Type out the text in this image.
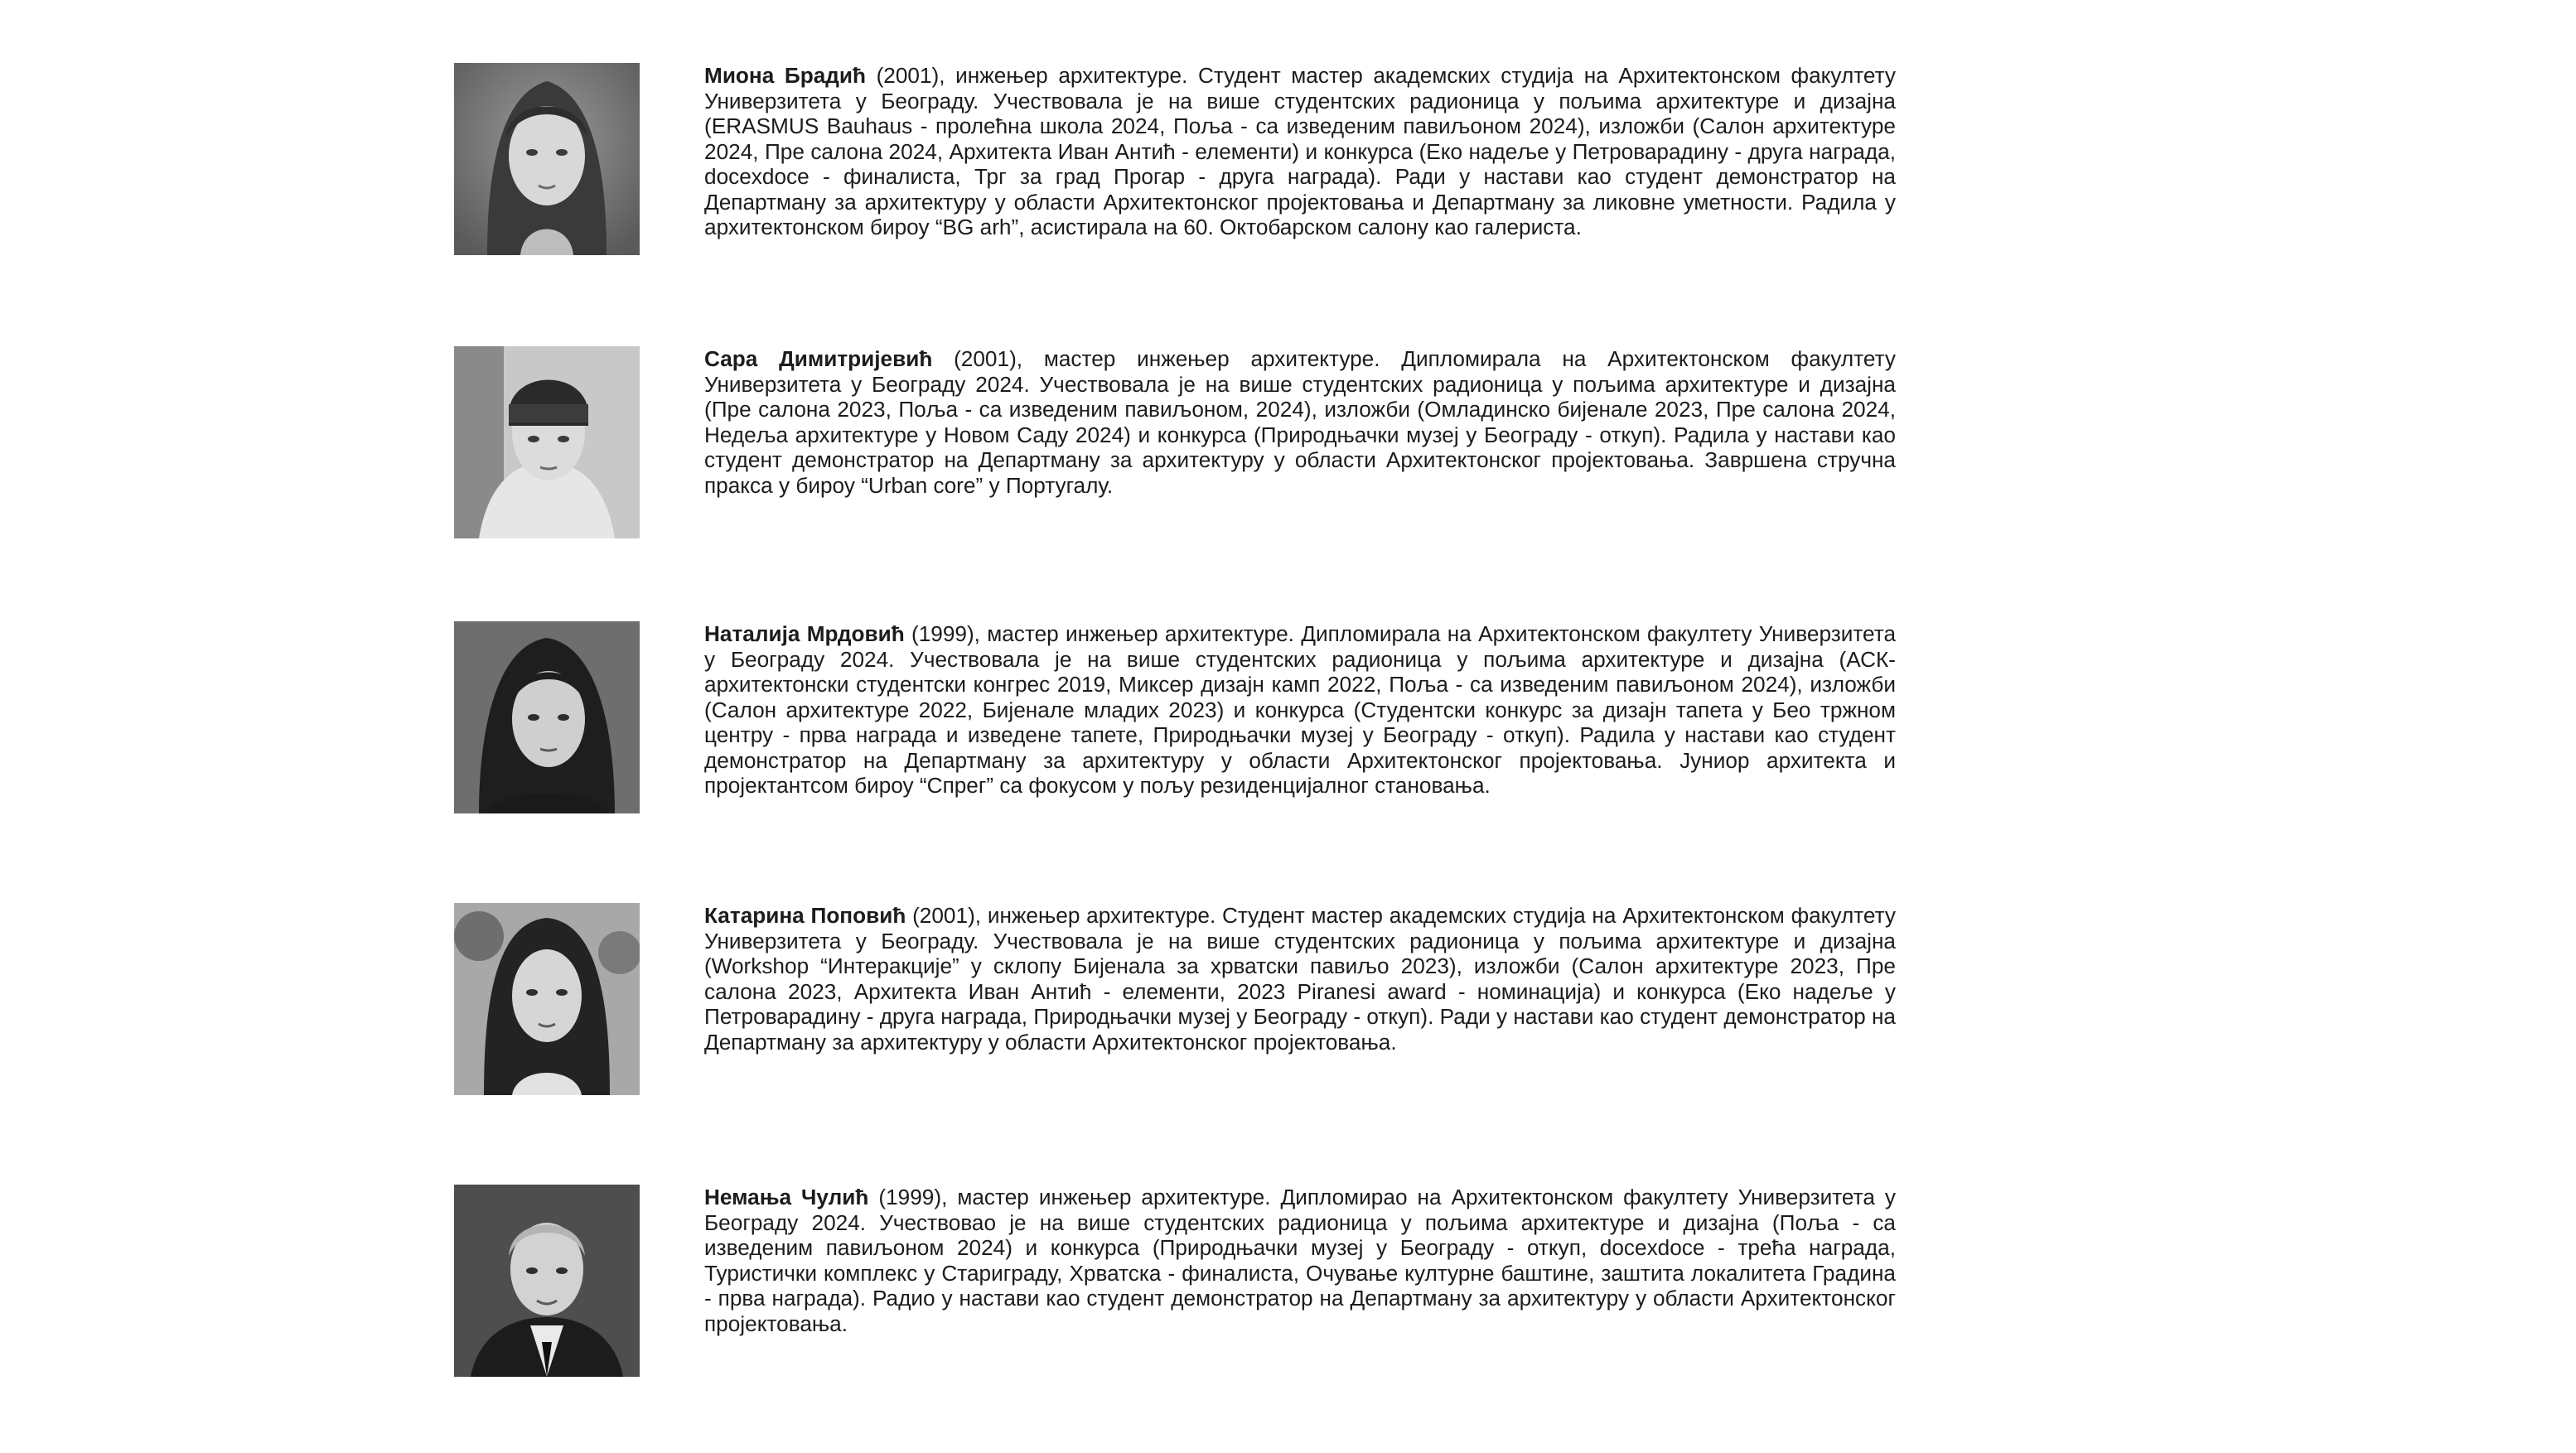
Миона Брадић (2001), инжењер архитектуре. Студент мастер академских студија на Архитектонском факултету Универзитета у Београду. Учествовала је на више студентских радионица у пољима архитектуре и дизајна (ERASMUS Bauhaus - пролећна школа 2024, Поља - са изведеним павиљоном 2024), изложби (Салон архитектуре 2024, Пре салона 2024, Архитекта Иван Антић - елементи) и конкурса (Еко надеље у Петроварадину - друга награда, docexdoce - финалиста, Трг за град Прогар - друга награда). Ради у настави као студент демонстратор на Департману за архитектуру у области Архитектонског пројектовања и Департману за ликовне уметности. Радила у архитектонском бироу “BG arh”, асистирала на 60. Октобарском салону као галериста.

Сара Димитријевић (2001), мастер инжењер архитектуре. Дипломирала на Архитектонском факултету Универзитета у Београду 2024. Учествовала је на више студентских радионица у пољима архитектуре и дизајна (Пре салона 2023, Поља - са изведеним павиљоном, 2024), изложби (Омладинско бијенале 2023, Пре салона 2024, Недеља архитектуре у Новом Саду 2024) и конкурса (Природњачки музеј у Београду - откуп). Радила у настави као студент демонстратор на Департману за архитектуру у области Архитектонског пројектовања. Завршена стручна пракса у бироу “Urban core” у Португалу.

Наталија Мрдовић (1999), мастер инжењер архитектуре. Дипломирала на Архитектонском факултету Универзитета у Београду 2024. Учествовала је на више студентских радионица у пољима архитектуре и дизајна (АСК- архитектонски студентски конгрес 2019, Миксер дизајн камп 2022, Поља - са изведеним павиљоном 2024), изложби (Салон архитектуре 2022, Бијенале младих 2023) и конкурса (Студентски конкурс за дизајн тапета у Бео тржном центру - прва награда и изведене тапете, Природњачки музеј у Београду - откуп). Радила у настави као студент демонстратор на Департману за архитектуру у области Архитектонског пројектовања. Јуниор архитекта и пројектантсом бироу “Спрег” са фокусом у пољу резиденцијалног становања.

Катарина Поповић (2001), инжењер архитектуре. Студент мастер академских студија на Архитектонском факултету Универзитета у Београду. Учествовала је на више студентских радионица у пољима архитектуре и дизајна (Workshop “Интеракције” у склопу Бијенала за хрватски павиљо 2023), изложби (Салон архитектуре 2023, Пре салона 2023, Архитекта Иван Антић - елементи, 2023 Piranesi award - номинација) и конкурса (Еко надеље у Петроварадину - друга награда, Природњачки музеј у Београду - откуп). Ради у настави као студент демонстратор на Департману за архитектуру у области Архитектонског пројектовања.

Немања Чулић (1999), мастер инжењер архитектуре. Дипломирао на Архитектонском факултету Универзитета у Београду 2024. Учествовао је на више студентских радионица у пољима архитектуре и дизајна (Поља - са изведеним павиљоном 2024) и конкурса (Природњачки музеј у Београду - откуп, docexdoce - трећа награда, Туристички комплекс у Стариграду, Хрватска - финалиста, Очување културне баштине, заштита локалитета Градина - прва награда). Радио у настави као студент демонстратор на Департману за архитектуру у области Архитектонског пројектовања.
